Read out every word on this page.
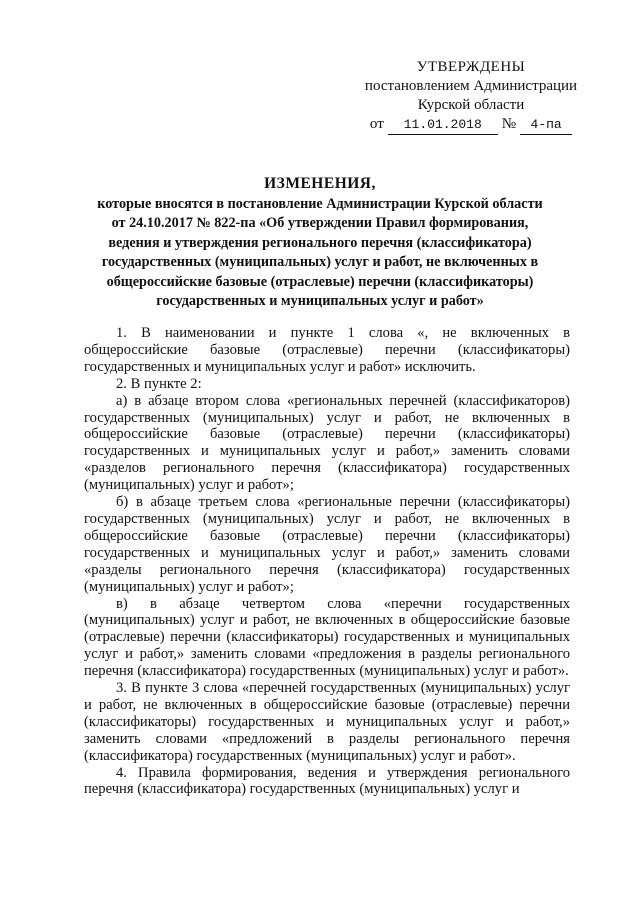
УТВЕРЖДЕНЫ
постановлением Администрации
Курской области
от	11.01.2018	№	4-па
ИЗМЕНЕНИЯ,
которые вносятся в постановление Администрации Курской области
от 24.10.2017 № 822-па «Об утверждении Правил формирования,
ведения и утверждения регионального перечня (классификатора)
государственных (муниципальных) услуг и работ, не включенных в
общероссийские базовые (отраслевые) перечни (классификаторы)
государственных и муниципальных услуг и работ»

1. В наименовании и пункте 1 слова «, не включенных в общероссийские базовые (отраслевые) перечни (классификаторы) государственных и муниципальных услуг и работ» исключить.

2. В пункте 2:

а) в абзаце втором слова «региональных перечней (классификаторов) государственных (муниципальных) услуг и работ, не включенных в общероссийские базовые (отраслевые) перечни (классификаторы) государственных и муниципальных услуг и работ,» заменить словами «разделов регионального перечня (классификатора) государственных (муниципальных) услуг и работ»;

б) в абзаце третьем слова «региональные перечни (классификаторы) государственных (муниципальных) услуг и работ, не включенных в общероссийские базовые (отраслевые) перечни (классификаторы) государственных и муниципальных услуг и работ,» заменить словами «разделы регионального перечня (классификатора) государственных (муниципальных) услуг и работ»;

в) в абзаце четвертом слова «перечни государственных (муниципальных) услуг и работ, не включенных в общероссийские базовые (отраслевые) перечни (классификаторы) государственных и муниципальных услуг и работ,» заменить словами «предложения в разделы регионального перечня (классификатора) государственных (муниципальных) услуг и работ».

3. В пункте 3 слова «перечней государственных (муниципальных) услуг и работ, не включенных в общероссийские базовые (отраслевые) перечни (классификаторы) государственных и муниципальных услуг и работ,» заменить словами «предложений в разделы регионального перечня (классификатора) государственных (муниципальных) услуг и работ».

4. Правила формирования, ведения и утверждения регионального перечня (классификатора) государственных (муниципальных) услуг и
